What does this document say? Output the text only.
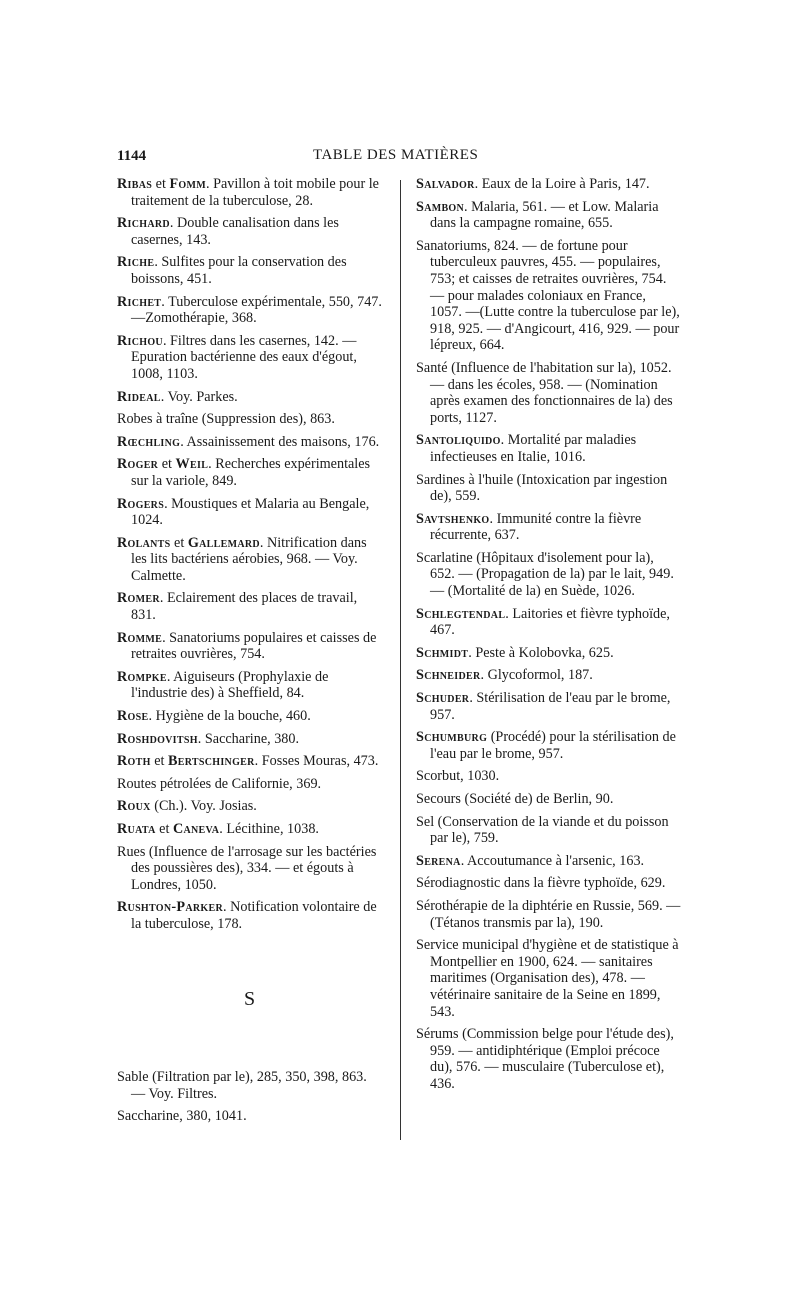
1144	TABLE DES MATIÈRES

Ribas et Fomm. Pavillon à toit mobile pour le traitement de la tuberculose, 28.

Richard. Double canalisation dans les casernes, 143.

Riche. Sulfites pour la conservation des boissons, 451.

Richet. Tuberculose expérimentale, 550, 747. —Zomothérapie, 368.

Richou. Filtres dans les casernes, 142. — Epuration bactérienne des eaux d'égout, 1008, 1103.

Rideal. Voy. Parkes.

Robes à traîne (Suppression des), 863.

Rœchling. Assainissement des maisons, 176.

Roger et Weil. Recherches expérimentales sur la variole, 849.

Rogers. Moustiques et Malaria au Bengale, 1024.

Rolants et Gallemard. Nitrification dans les lits bactériens aérobies, 968. — Voy. Calmette.

Romer. Eclairement des places de travail, 831.

Romme. Sanatoriums populaires et caisses de retraites ouvrières, 754.

Rompke. Aiguiseurs (Prophylaxie de l'industrie des) à Sheffield, 84.

Rose. Hygiène de la bouche, 460.

Roshdovitsh. Saccharine, 380.

Roth et Bertschinger. Fosses Mouras, 473.

Routes pétrolées de Californie, 369.

Roux (Ch.). Voy. Josias.

Ruata et Caneva. Lécithine, 1038.

Rues (Influence de l'arrosage sur les bactéries des poussières des), 334. — et égouts à Londres, 1050.

Rushton-Parker. Notification volontaire de la tuberculose, 178.

S

Sable (Filtration par le), 285, 350, 398, 863. — Voy. Filtres.

Saccharine, 380, 1041.

Salvador. Eaux de la Loire à Paris, 147.

Sambon. Malaria, 561. — et Low. Malaria dans la campagne romaine, 655.

Sanatoriums, 824. — de fortune pour tuberculeux pauvres, 455. — populaires, 753; et caisses de retraites ouvrières, 754. — pour malades coloniaux en France, 1057. —(Lutte contre la tuberculose par le), 918, 925. — d'Angicourt, 416, 929. — pour lépreux, 664.

Santé (Influence de l'habitation sur la), 1052. — dans les écoles, 958. — (Nomination après examen des fonctionnaires de la) des ports, 1127.

Santoliquido. Mortalité par maladies infectieuses en Italie, 1016.

Sardines à l'huile (Intoxication par ingestion de), 559.

Savtshenko. Immunité contre la fièvre récurrente, 637.

Scarlatine (Hôpitaux d'isolement pour la), 652. — (Propagation de la) par le lait, 949. — (Mortalité de la) en Suède, 1026.

Schlegtendal. Laitories et fièvre typhoïde, 467.

Schmidt. Peste à Kolobovka, 625.

Schneider. Glycoformol, 187.

Schuder. Stérilisation de l'eau par le brome, 957.

Schumburg (Procédé) pour la stérilisation de l'eau par le brome, 957.

Scorbut, 1030.

Secours (Société de) de Berlin, 90.

Sel (Conservation de la viande et du poisson par le), 759.

Serena. Accoutumance à l'arsenic, 163.

Sérodiagnostic dans la fièvre typhoïde, 629.

Sérothérapie de la diphtérie en Russie, 569. — (Tétanos transmis par la), 190.

Service municipal d'hygiène et de statistique à Montpellier en 1900, 624. — sanitaires maritimes (Organisation des), 478. — vétérinaire sanitaire de la Seine en 1899, 543.

Sérums (Commission belge pour l'étude des), 959. — antidiphtérique (Emploi précoce du), 576. — musculaire (Tuberculose et), 436.
